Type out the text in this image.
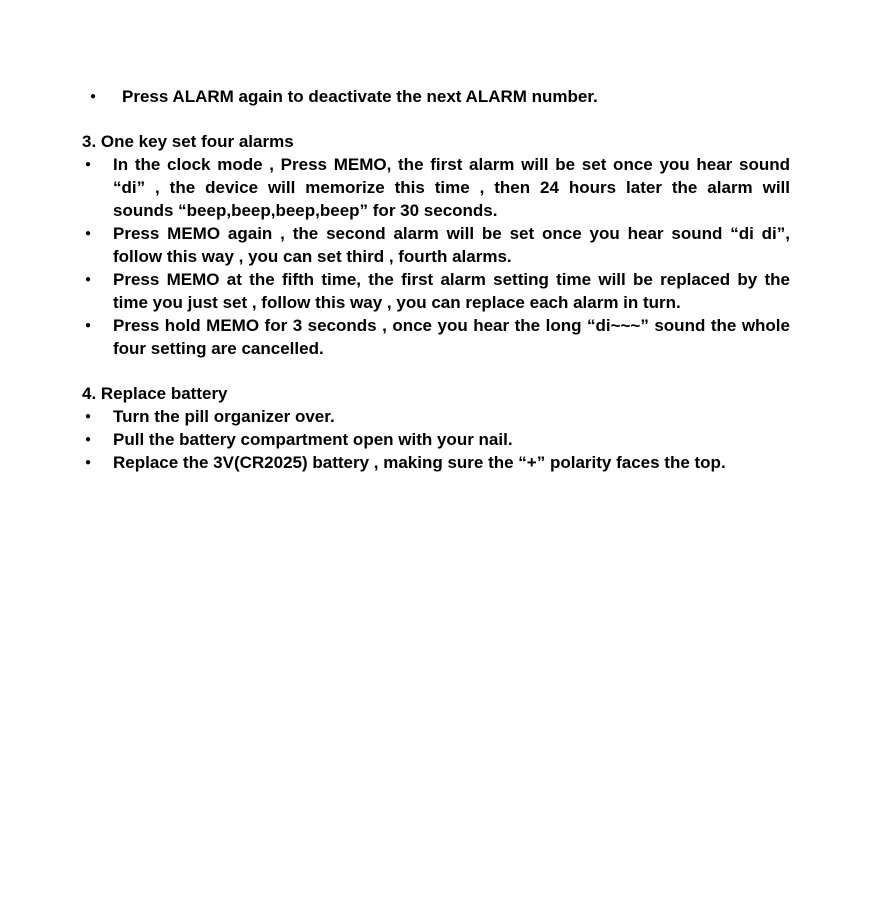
●	Press ALARM again to deactivate the next ALARM number.
3. One key set four alarms
●	In the clock mode , Press MEMO, the first alarm will be set once you hear sound
“di” , the device will memorize this time , then 24 hours later the alarm will
sounds “beep,beep,beep,beep” for 30 seconds.
●	Press MEMO again , the second alarm will be set once you hear sound “di di”,
follow this way , you can set third , fourth alarms.
●	Press MEMO at the fifth time, the first alarm setting time will be replaced by the
time you just set , follow this way , you can replace each alarm in turn.
●	Press hold MEMO for 3 seconds , once you hear the long “di~~~” sound the whole
four setting are cancelled.
4. Replace battery
●	Turn the pill organizer over.
●	Pull the battery compartment open with your nail.
●	Replace the 3V(CR2025) battery , making sure the “+” polarity faces the top.
